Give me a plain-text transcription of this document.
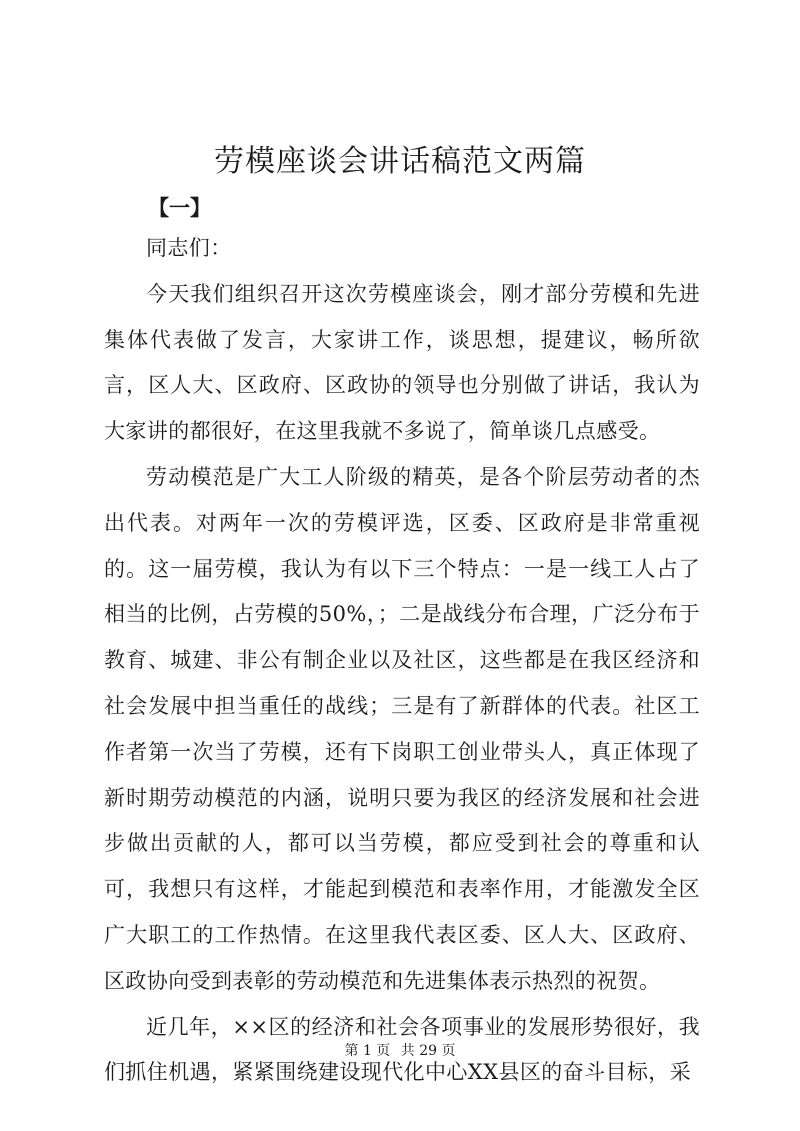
劳模座谈会讲话稿范文两篇
【一】

同志们：

今天我们组织召开这次劳模座谈会，刚才部分劳模和先进集体代表做了发言，大家讲工作，谈思想，提建议，畅所欲言，区人大、区政府、区政协的领导也分别做了讲话，我认为大家讲的都很好，在这里我就不多说了，简单谈几点感受。

劳动模范是广大工人阶级的精英，是各个阶层劳动者的杰出代表。对两年一次的劳模评选，区委、区政府是非常重视的。这一届劳模，我认为有以下三个特点：一是一线工人占了相当的比例，占劳模的50%，；二是战线分布合理，广泛分布于教育、城建、非公有制企业以及社区，这些都是在我区经济和社会发展中担当重任的战线；三是有了新群体的代表。社区工作者第一次当了劳模，还有下岗职工创业带头人，真正体现了新时期劳动模范的内涵，说明只要为我区的经济发展和社会进步做出贡献的人，都可以当劳模，都应受到社会的尊重和认可，我想只有这样，才能起到模范和表率作用，才能激发全区广大职工的工作热情。在这里我代表区委、区人大、区政府、区政协向受到表彰的劳动模范和先进集体表示热烈的祝贺。

近几年，××区的经济和社会各项事业的发展形势很好，我们抓住机遇，紧紧围绕建设现代化中心XX县区的奋斗目标，采

第 1 页 共 29 页
